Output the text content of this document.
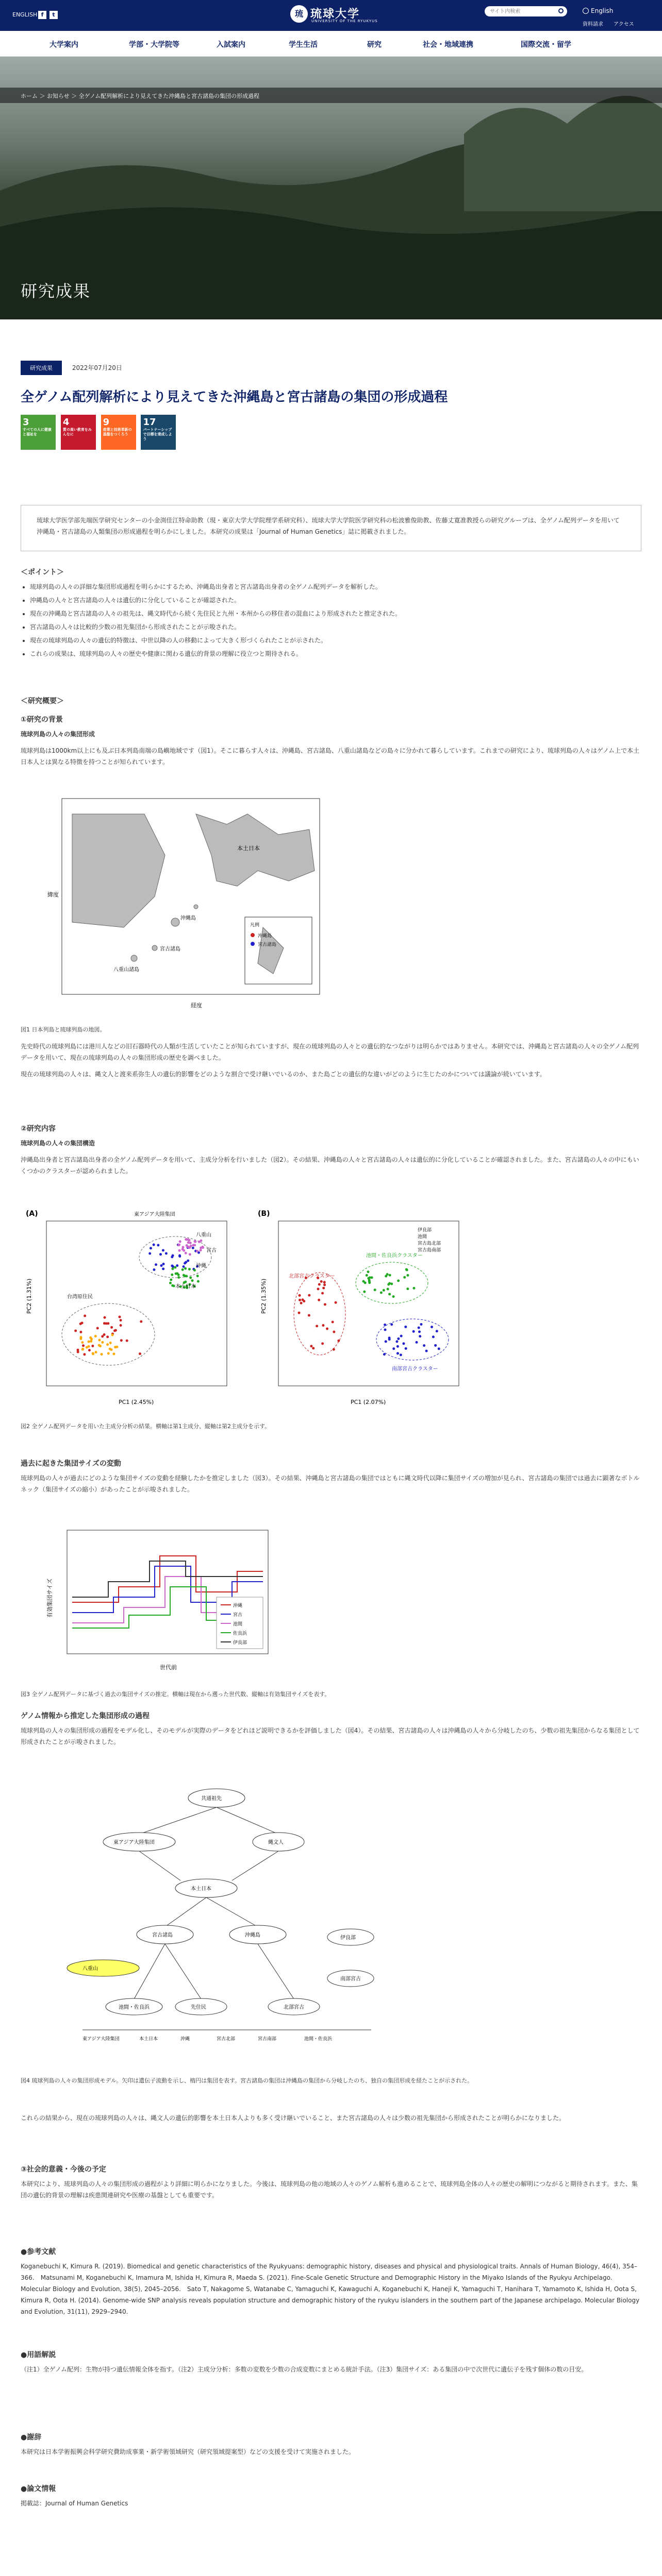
ENGLISH f	t	琉 琉球大学
UNIVERSITY OF THE RYUKYUS
サイト内検索
English
資料請求 アクセス
大学案内	学部・大学院等	入試案内	学生生活	研究	社会・地域連携	国際交流・留学
研究成果
ホーム ＞ お知らせ ＞ 全ゲノム配列解析により見えてきた沖縄島と宮古諸島の集団の形成過程
研究成果	2022年07月20日
全ゲノム配列解析により見えてきた沖縄島と宮古諸島の集団の形成過程
3
すべての人に健康と福祉を

4
質の高い教育をみんなに

9
産業と技術革新の基盤をつくろう

17
パートナーシップで目標を達成しよう

琉球大学医学部先端医学研究センターの小金渕佳江特命助教（現・東京大学大学院理学系研究科）、琉球大学大学院医学研究科の松波雅俊助教、佐藤丈寛准教授らの研究グループは、全ゲノム配列データを用いて沖縄島・宮古諸島の人類集団の形成過程を明らかにしました。本研究の成果は「Journal of Human Genetics」誌に掲載されました。

＜ポイント＞
• 琉球列島の人々の詳細な集団形成過程を明らかにするため、沖縄島出身者と宮古諸島出身者の全ゲノム配列データを解析した。
• 沖縄島の人々と宮古諸島の人々は遺伝的に分化していることが確認された。
• 現在の沖縄島と宮古諸島の人々の祖先は、縄文時代から続く先住民と九州・本州からの移住者の混血により形成されたと推定された。
• 宮古諸島の人々は比較的少数の祖先集団から形成されたことが示唆された。
• 現在の琉球列島の人々の遺伝的特徴は、中世以降の人の移動によって大きく形づくられたことが示された。
• これらの成果は、琉球列島の人々の歴史や健康に関わる遺伝的背景の理解に役立つと期待される。
＜研究概要＞
①研究の背景

琉球列島の人々の集団形成

琉球列島は1000km以上にも及ぶ日本列島南端の島嶼地域です（図1）。そこに暮らす人々は、沖縄島、宮古諸島、八重山諸島などの島々に分かれて暮らしています。これまでの研究により、琉球列島の人々はゲノム上で本土日本人とは異なる特徴を持つことが知られています。

本土日本
沖縄島
宮古諸島
八重山諸島
凡例
沖縄島
宮古諸島
経度
緯度
図1 日本列島と琉球列島の地図。

先史時代の琉球列島には港川人などの旧石器時代の人類が生活していたことが知られていますが、現在の琉球列島の人々との遺伝的なつながりは明らかではありません。本研究では、沖縄島と宮古諸島の人々の全ゲノム配列データを用いて、現在の琉球列島の人々の集団形成の歴史を調べました。

現在の琉球列島の人々は、縄文人と渡来系弥生人の遺伝的影響をどのような割合で受け継いでいるのか、また島ごとの遺伝的な違いがどのように生じたのかについては議論が続いています。

②研究内容

琉球列島の人々の集団構造

沖縄島出身者と宮古諸島出身者の全ゲノム配列データを用いて、主成分分析を行いました（図2）。その結果、沖縄島の人々と宮古諸島の人々は遺伝的に分化していることが確認されました。また、宮古諸島の人々の中にもいくつかのクラスターが認められました。

(A)	東アジア大陸集団
台湾原住民
本土日本
沖縄
宮古
八重山
PC1 (2.45%)
PC2 (1.31%)
(B)
北部宮古クラスター
池間・佐良浜クラスター
南部宮古クラスター
伊良部
池間
宮古島北部
宮古島南部
PC1 (2.07%)
PC2 (1.35%)
図2 全ゲノム配列データを用いた主成分分析の結果。横軸は第1主成分、縦軸は第2主成分を示す。
過去に起きた集団サイズの変動

琉球列島の人々が過去にどのような集団サイズの変動を経験したかを推定しました（図3）。その結果、沖縄島と宮古諸島の集団ではともに縄文時代以降に集団サイズの増加が見られ、宮古諸島の集団では過去に顕著なボトルネック（集団サイズの縮小）があったことが示唆されました。

沖縄
宮古
池間
佐良浜
伊良部
世代前
有効集団サイズ
図3 全ゲノム配列データに基づく過去の集団サイズの推定。横軸は現在から遡った世代数、縦軸は有効集団サイズを表す。
ゲノム情報から推定した集団形成の過程

琉球列島の人々の集団形成の過程をモデル化し、そのモデルが実際のデータをどれほど説明できるかを評価しました（図4）。その結果、宮古諸島の人々は沖縄島の人々から分岐したのち、少数の祖先集団からなる集団として形成されたことが示唆されました。

共通祖先
東アジア大陸集団	縄文人
本土日本
宮古諸島	沖縄島
八重山
池間・佐良浜	先住民	北部宮古
南部宮古
伊良部
東アジア大陸集団	本土日本	沖縄	宮古北部	宮古南部	池間・佐良浜
図4 琉球列島の人々の集団形成モデル。矢印は遺伝子流動を示し、楕円は集団を表す。宮古諸島の集団は沖縄島の集団から分岐したのち、独自の集団形成を経たことが示された。

これらの結果から、現在の琉球列島の人々は、縄文人の遺伝的影響を本土日本人よりも多く受け継いでいること、また宮古諸島の人々は少数の祖先集団から形成されたことが明らかになりました。

③社会的意義・今後の予定

本研究により、琉球列島の人々の集団形成の過程がより詳細に明らかになりました。今後は、琉球列島の他の地域の人々のゲノム解析も進めることで、琉球列島全体の人々の歴史の解明につながると期待されます。また、集団の遺伝的背景の理解は疾患関連研究や医療の基盤としても重要です。

●参考文献

Koganebuchi K, Kimura R. (2019). Biomedical and genetic characteristics of the Ryukyuans: demographic history, diseases and physical and physiological traits. Annals of Human Biology, 46(4), 354–366.　Matsunami M, Koganebuchi K, Imamura M, Ishida H, Kimura R, Maeda S. (2021). Fine-Scale Genetic Structure and Demographic History in the Miyako Islands of the Ryukyu Archipelago. Molecular Biology and Evolution, 38(5), 2045–2056.　Sato T, Nakagome S, Watanabe C, Yamaguchi K, Kawaguchi A, Koganebuchi K, Haneji K, Yamaguchi T, Hanihara T, Yamamoto K, Ishida H, Oota S, Kimura R, Oota H. (2014). Genome-wide SNP analysis reveals population structure and demographic history of the ryukyu islanders in the southern part of the Japanese archipelago. Molecular Biology and Evolution, 31(11), 2929–2940.

●用語解説

（注1）全ゲノム配列：生物が持つ遺伝情報全体を指す。（注2）主成分分析：多数の変数を少数の合成変数にまとめる統計手法。（注3）集団サイズ：ある集団の中で次世代に遺伝子を残す個体の数の目安。

●謝辞

本研究は日本学術振興会科学研究費助成事業・新学術領域研究（研究領域提案型）などの支援を受けて実施されました。

●論文情報

掲載誌：Journal of Human Genetics
